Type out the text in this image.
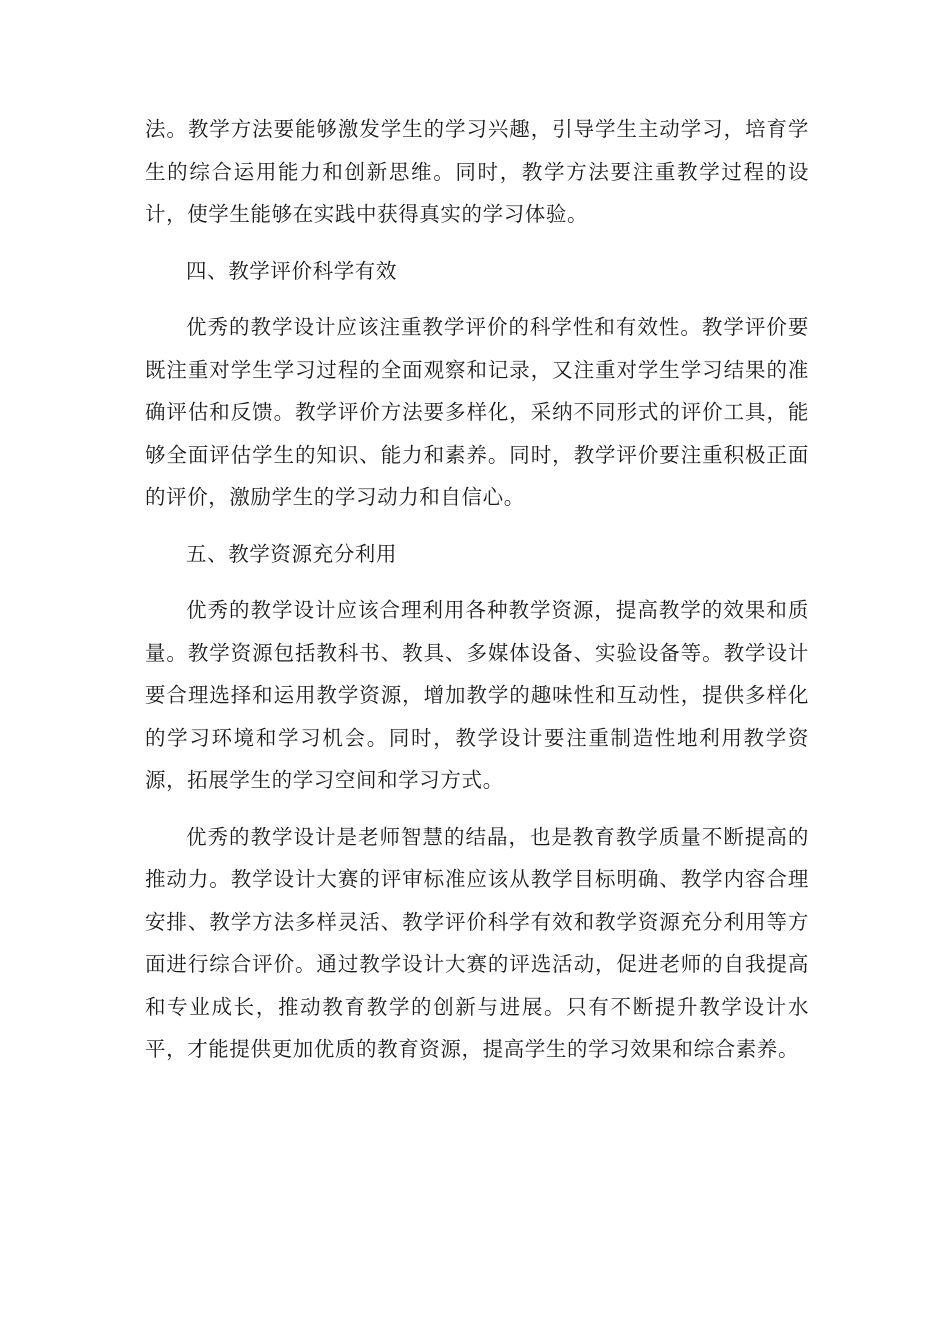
法。教学方法要能够激发学生的学习兴趣，引导学生主动学习，培育学生的综合运用能力和创新思维。同时，教学方法要注重教学过程的设计，使学生能够在实践中获得真实的学习体验。

四、教学评价科学有效

优秀的教学设计应该注重教学评价的科学性和有效性。教学评价要既注重对学生学习过程的全面观察和记录，又注重对学生学习结果的准确评估和反馈。教学评价方法要多样化，采纳不同形式的评价工具，能够全面评估学生的知识、能力和素养。同时，教学评价要注重积极正面的评价，激励学生的学习动力和自信心。

五、教学资源充分利用

优秀的教学设计应该合理利用各种教学资源，提高教学的效果和质量。教学资源包括教科书、教具、多媒体设备、实验设备等。教学设计要合理选择和运用教学资源，增加教学的趣味性和互动性，提供多样化的学习环境和学习机会。同时，教学设计要注重制造性地利用教学资源，拓展学生的学习空间和学习方式。

优秀的教学设计是老师智慧的结晶，也是教育教学质量不断提高的推动力。教学设计大赛的评审标准应该从教学目标明确、教学内容合理安排、教学方法多样灵活、教学评价科学有效和教学资源充分利用等方面进行综合评价。通过教学设计大赛的评选活动，促进老师的自我提高和专业成长，推动教育教学的创新与进展。只有不断提升教学设计水平，才能提供更加优质的教育资源，提高学生的学习效果和综合素养。
